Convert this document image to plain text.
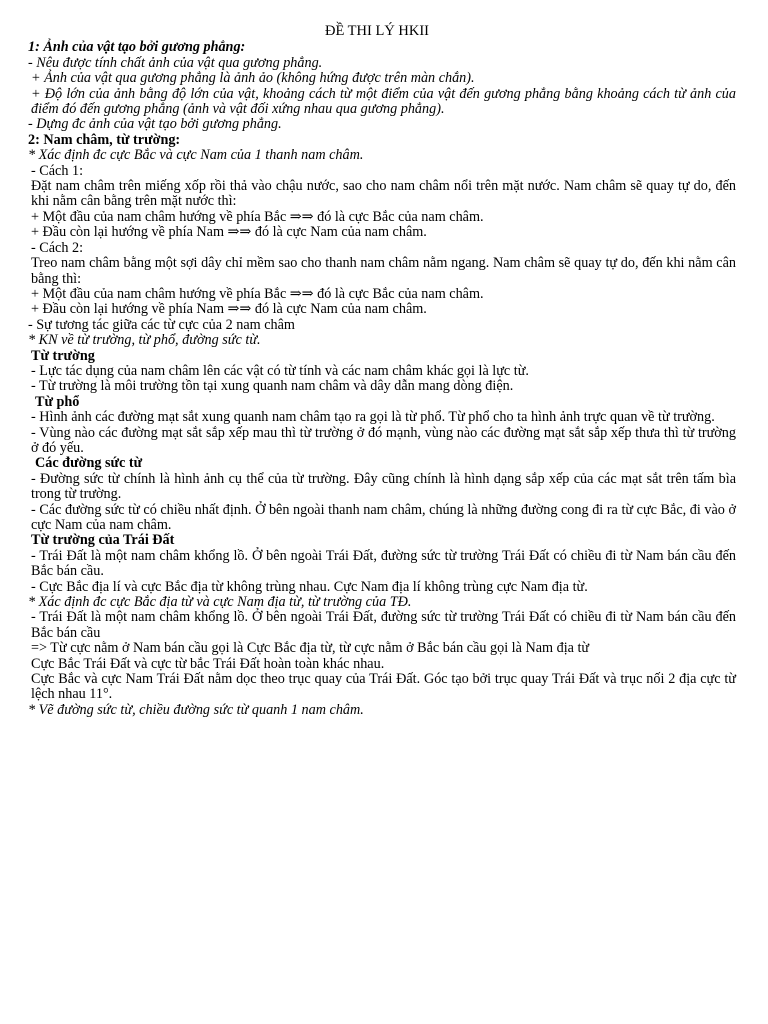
ĐỀ THI LÝ HKII
1: Ảnh của vật tạo bởi gương phẳng:
- Nêu được tính chất ảnh của vật qua gương phẳng.
+ Ảnh của vật qua gương phẳng là ảnh ảo (không hứng được trên màn chắn).
+ Độ lớn của ảnh bằng độ lớn của vật, khoảng cách từ một điểm của vật đến gương phẳng bằng khoảng cách từ ảnh của điểm đó đến gương phẳng (ảnh và vật đối xứng nhau qua gương phẳng).
- Dựng đc ảnh của vật tạo bởi gương phẳng.
2: Nam châm, từ trường:
* Xác định đc cực Bắc và cực Nam của 1 thanh nam châm.
- Cách 1:
Đặt nam châm trên miếng xốp rồi thả vào chậu nước, sao cho nam châm nổi trên mặt nước. Nam châm sẽ quay tự do, đến khi nằm cân bằng trên mặt nước thì:
+ Một đầu của nam châm hướng về phía Bắc ⇒⇒ đó là cực Bắc của nam châm.
+ Đầu còn lại hướng về phía Nam ⇒⇒ đó là cực Nam của nam châm.
- Cách 2:
Treo nam châm bằng một sợi dây chỉ mềm sao cho thanh nam châm nằm ngang. Nam châm sẽ quay tự do, đến khi nằm cân bằng thì:
+ Một đầu của nam châm hướng về phía Bắc ⇒⇒ đó là cực Bắc của nam châm.
+ Đầu còn lại hướng về phía Nam ⇒⇒ đó là cực Nam của nam châm.
- Sự tương tác giữa các từ cực của 2 nam châm
* KN về từ trường, từ phổ, đường sức từ.
Từ trường
- Lực tác dụng của nam châm lên các vật có từ tính và các nam châm khác gọi là lực từ.
- Từ trường là môi trường tồn tại xung quanh nam châm và dây dẫn mang dòng điện.
Từ phổ
- Hình ảnh các đường mạt sắt xung quanh nam châm tạo ra gọi là từ phổ. Từ phổ cho ta hình ảnh trực quan về từ trường.
- Vùng nào các đường mạt sắt sắp xếp mau thì từ trường ở đó mạnh, vùng nào các đường mạt sắt sắp xếp thưa thì từ trường ở đó yếu.
Các đường sức từ
- Đường sức từ chính là hình ảnh cụ thể của từ trường. Đây cũng chính là hình dạng sắp xếp của các mạt sắt trên tấm bìa trong từ trường.
- Các đường sức từ có chiều nhất định. Ở bên ngoài thanh nam châm, chúng là những đường cong đi ra từ cực Bắc, đi vào ở cực Nam của nam châm.
Từ trường của Trái Đất
- Trái Đất là một nam châm khổng lồ. Ở bên ngoài Trái Đất, đường sức từ trường Trái Đất có chiều đi từ Nam bán cầu đến Bắc bán cầu.
- Cực Bắc địa lí và cực Bắc địa từ không trùng nhau. Cực Nam địa lí không trùng cực Nam địa từ.
* Xác định đc cực Bắc địa từ và cực Nam địa từ, từ trường của TĐ.
- Trái Đất là một nam châm khổng lồ. Ở bên ngoài Trái Đất, đường sức từ trường Trái Đất có chiều đi từ Nam bán cầu đến Bắc bán cầu
=> Từ cực nằm ở Nam bán cầu gọi là Cực Bắc địa từ, từ cực nằm ở Bắc bán cầu gọi là Nam địa từ
Cực Bắc Trái Đất và cực từ bắc Trái Đất hoàn toàn khác nhau.
Cực Bắc và cực Nam Trái Đất nằm dọc theo trục quay của Trái Đất. Góc tạo bởi trục quay Trái Đất và trục nối 2 địa cực từ lệch nhau 11°.
* Vẽ đường sức từ, chiều đường sức từ quanh 1 nam châm.
